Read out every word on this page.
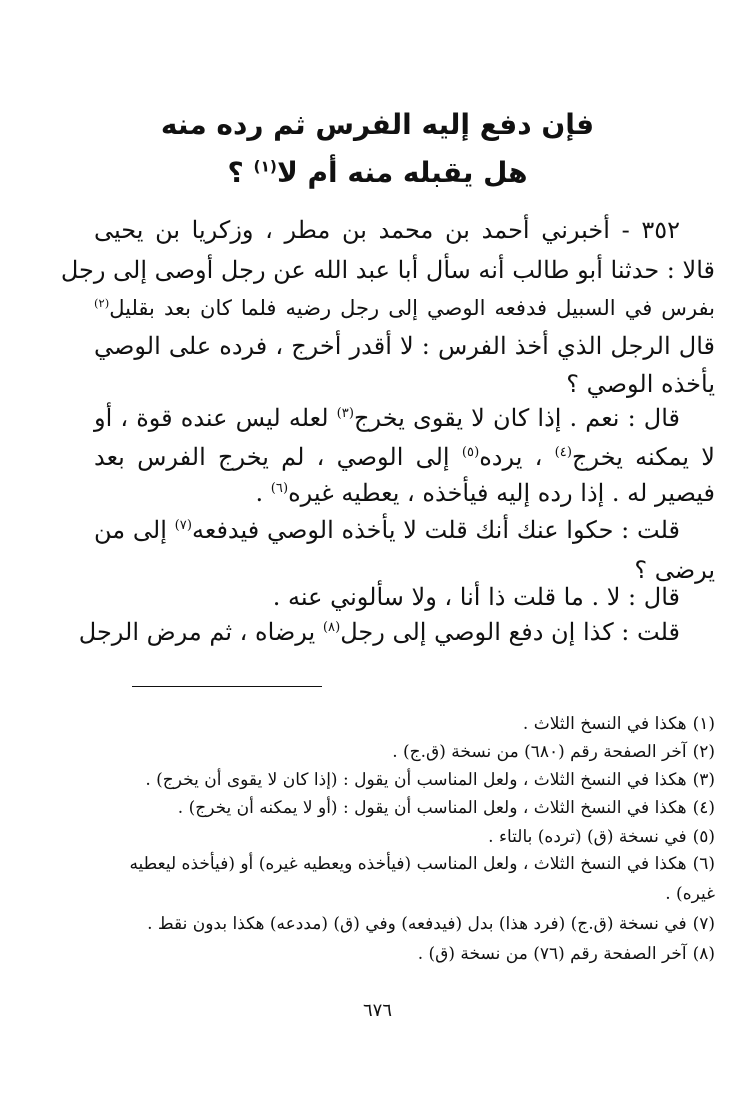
فإن دفع إليه الفرس ثم رده منه
هل يقبله منه أم لا$^{(١)}$ ؟
٣٥٢ - أخبرني أحمد بن محمد بن مطر ، وزكريا بن يحيى
قالا : حدثنا أبو طالب أنه سأل أبا عبد الله عن رجل أوصى إلى رجل
بفرس في السبيل فدفعه الوصي إلى رجل رضيه فلما كان بعد بقليل$^{(٢)}$
قال الرجل الذي أخذ الفرس : لا أقدر أخرج ، فرده على الوصي
يأخذه الوصي ؟
قال : نعم . إذا كان لا يقوى يخرج$^{(٣)}$ لعله ليس عنده قوة ، أو
لا يمكنه يخرج$^{(٤)}$ ، يرده$^{(٥)}$ إلى الوصي ، لم يخرج الفرس بعد
فيصير له . إذا رده إليه فيأخذه ، يعطيه غيره$^{(٦)}$ .
قلت : حكوا عنك أنك قلت لا يأخذه الوصي فيدفعه$^{(٧)}$ إلى من
يرضى ؟
قال : لا . ما قلت ذا أنا ، ولا سألوني عنه .
قلت : كذا إن دفع الوصي إلى رجل$^{(٨)}$ يرضاه ، ثم مرض الرجل
(١)هكذا في النسخ الثلاث .
(٢)آخر الصفحة رقم (٦٨٠) من نسخة (ق.ج) .
(٣)هكذا في النسخ الثلاث ، ولعل المناسب أن يقول : (إذا كان لا يقوى أن يخرج) .
(٤)هكذا في النسخ الثلاث ، ولعل المناسب أن يقول : (أو لا يمكنه أن يخرج) .
(٥)في نسخة (ق) (ترده) بالتاء .
(٦)هكذا في النسخ الثلاث ، ولعل المناسب (فيأخذه ويعطيه غيره) أو (فيأخذه ليعطيه
غيره) .
(٧)في نسخة (ق.ج) (فرد هذا) بدل (فيدفعه) وفي (ق) (مددعه) هكذا بدون نقط .
(٨)آخر الصفحة رقم (٧٦) من نسخة (ق) .
٦٧٦
